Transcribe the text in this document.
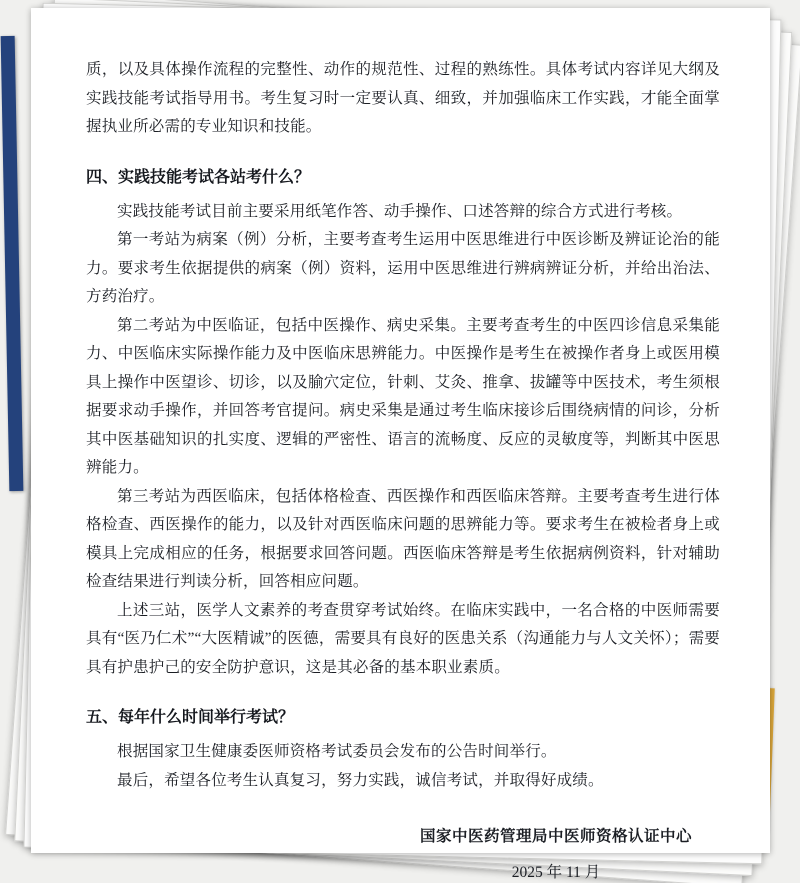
质，以及具体操作流程的完整性、动作的规范性、过程的熟练性。具体考试内容详见大纲及实践技能考试指导用书。考生复习时一定要认真、细致，并加强临床工作实践，才能全面掌握执业所必需的专业知识和技能。

四、实践技能考试各站考什么？

实践技能考试目前主要采用纸笔作答、动手操作、口述答辩的综合方式进行考核。

第一考站为病案（例）分析，主要考查考生运用中医思维进行中医诊断及辨证论治的能力。要求考生依据提供的病案（例）资料，运用中医思维进行辨病辨证分析，并给出治法、方药治疗。

第二考站为中医临证，包括中医操作、病史采集。主要考查考生的中医四诊信息采集能力、中医临床实际操作能力及中医临床思辨能力。中医操作是考生在被操作者身上或医用模具上操作中医望诊、切诊，以及腧穴定位，针刺、艾灸、推拿、拔罐等中医技术，考生须根据要求动手操作，并回答考官提问。病史采集是通过考生临床接诊后围绕病情的问诊，分析其中医基础知识的扎实度、逻辑的严密性、语言的流畅度、反应的灵敏度等，判断其中医思辨能力。

第三考站为西医临床，包括体格检查、西医操作和西医临床答辩。主要考查考生进行体格检查、西医操作的能力，以及针对西医临床问题的思辨能力等。要求考生在被检者身上或模具上完成相应的任务，根据要求回答问题。西医临床答辩是考生依据病例资料，针对辅助检查结果进行判读分析，回答相应问题。

上述三站，医学人文素养的考查贯穿考试始终。在临床实践中，一名合格的中医师需要具有“医乃仁术”“大医精诚”的医德，需要具有良好的医患关系（沟通能力与人文关怀）；需要具有护患护己的安全防护意识，这是其必备的基本职业素质。

五、每年什么时间举行考试？

根据国家卫生健康委医师资格考试委员会发布的公告时间举行。

最后，希望各位考生认真复习，努力实践，诚信考试，并取得好成绩。

国家中医药管理局中医师资格认证中心
2025 年 11 月
